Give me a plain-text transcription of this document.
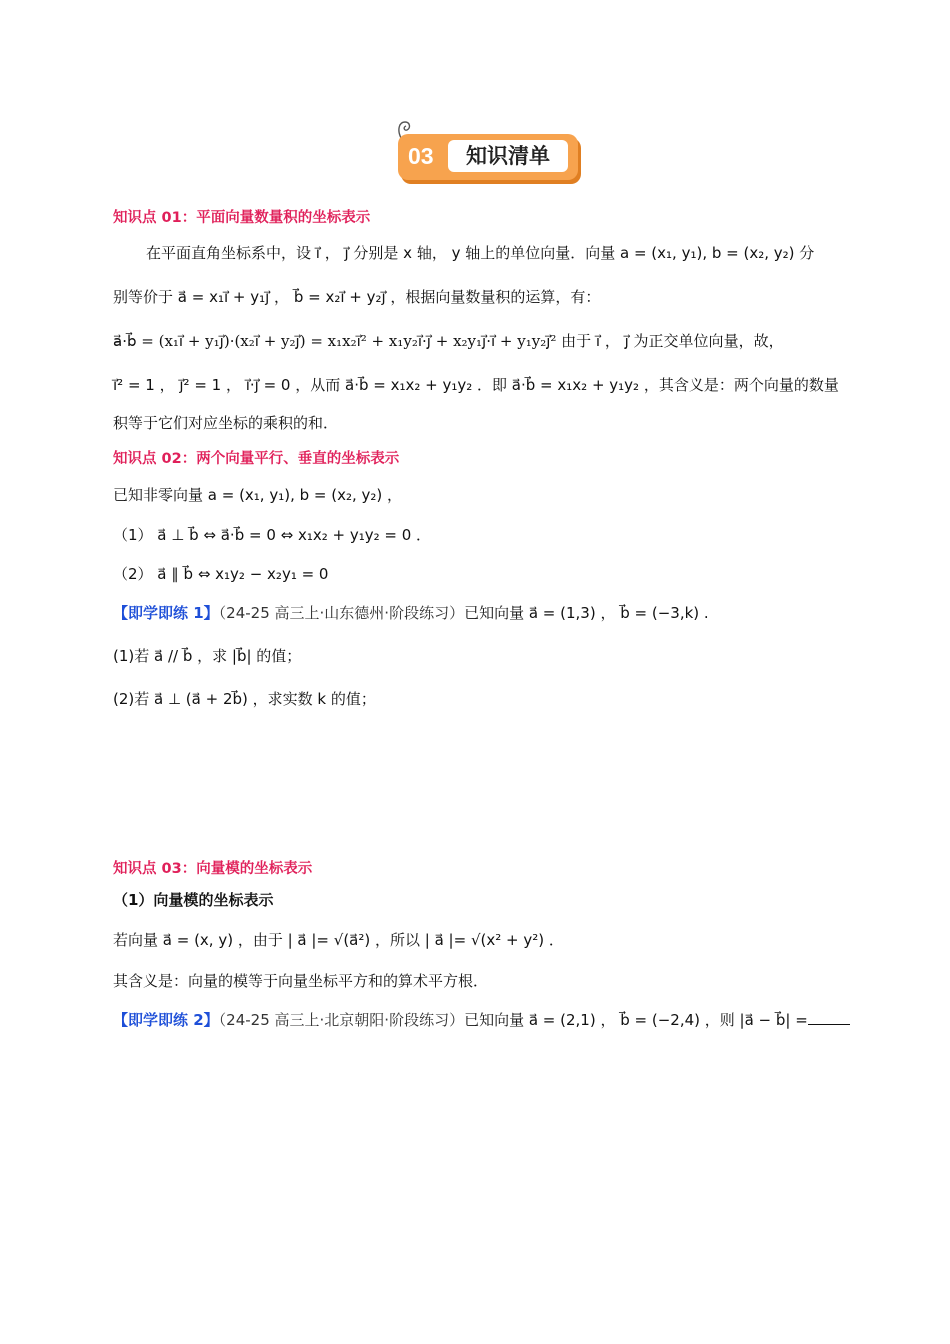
03	知识清单
知识点 01：平面向量数量积的坐标表示
在平面直角坐标系中，设 i⃗ ， j⃗ 分别是 x 轴， y 轴上的单位向量．向量 a = (x₁, y₁), b = (x₂, y₂) 分
别等价于 a⃗ = x₁i⃗ + y₁j⃗ ， b⃗ = x₂i⃗ + y₂j⃗ ，根据向量数量积的运算，有：
a⃗·b⃗ = (x₁i⃗ + y₁j⃗)·(x₂i⃗ + y₂j⃗) = x₁x₂i⃗² + x₁y₂i⃗·j⃗ + x₂y₁j⃗·i⃗ + y₁y₂j⃗² 由于 i⃗ ， j⃗ 为正交单位向量，故，
i⃗² = 1 ， j⃗² = 1 ， i⃗·j⃗ = 0 ，从而 a⃗·b⃗ = x₁x₂ + y₁y₂ ．即 a⃗·b⃗ = x₁x₂ + y₁y₂ ，其含义是：两个向量的数量
积等于它们对应坐标的乘积的和．
知识点 02：两个向量平行、垂直的坐标表示
已知非零向量 a = (x₁, y₁), b = (x₂, y₂) ，
（1） a⃗ ⊥ b⃗ ⇔ a⃗·b⃗ = 0 ⇔ x₁x₂ + y₁y₂ = 0 ．
（2） a⃗ ∥ b⃗ ⇔ x₁y₂ − x₂y₁ = 0
【即学即练 1】（24-25 高三上·山东德州·阶段练习）已知向量 a⃗ = (1,3) ， b⃗ = (−3,k) .
(1)若 a⃗ // b⃗ ，求 |b⃗| 的值；
(2)若 a⃗ ⊥ (a⃗ + 2b⃗) ，求实数 k 的值；
知识点 03：向量模的坐标表示
（1）向量模的坐标表示
若向量 a⃗ = (x, y) ，由于 | a⃗ |= √(a⃗²) ，所以 | a⃗ |= √(x² + y²) ．
其含义是：向量的模等于向量坐标平方和的算术平方根．
【即学即练 2】（24-25 高三上·北京朝阳·阶段练习）已知向量 a⃗ = (2,1) ， b⃗ = (−2,4) ，则 |a⃗ − b⃗| =
